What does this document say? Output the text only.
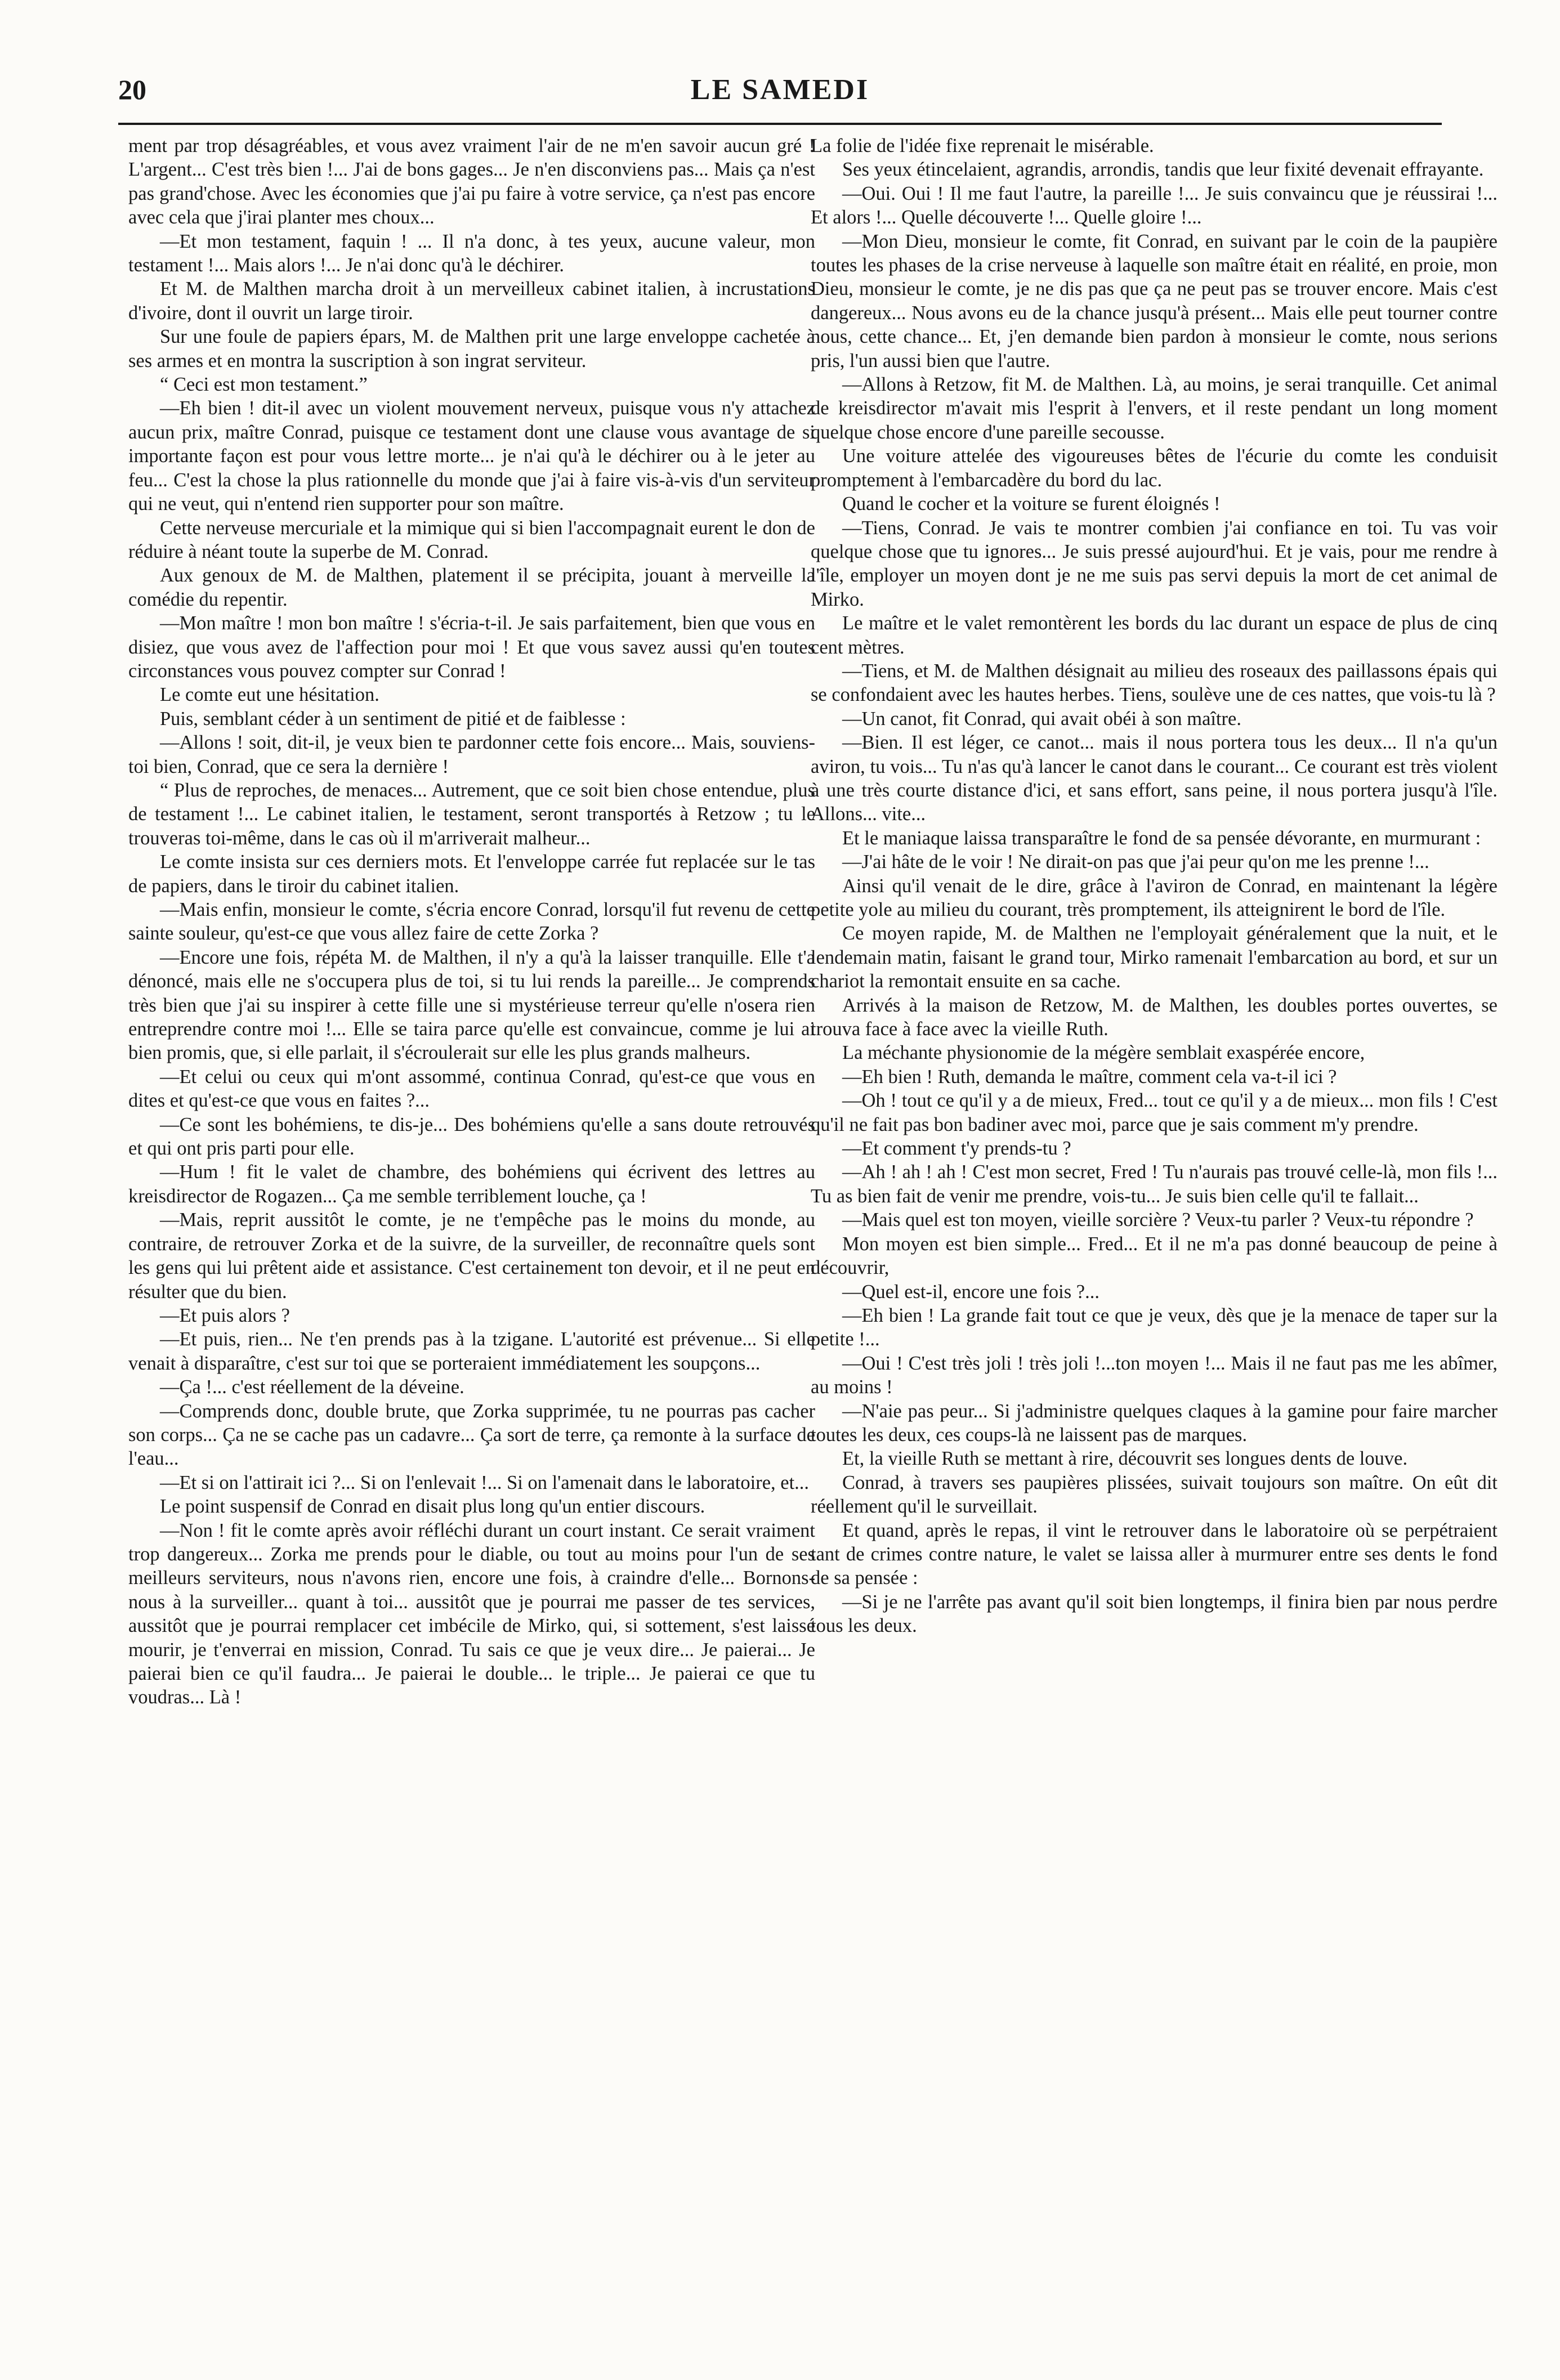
20	LE SAMEDI

ment par trop désagréables, et vous avez vraiment l'air de ne m'en savoir aucun gré ! L'argent... C'est très bien !... J'ai de bons gages... Je n'en disconviens pas... Mais ça n'est pas grand'chose. Avec les économies que j'ai pu faire à votre service, ça n'est pas encore avec cela que j'irai planter mes choux...

—Et mon testament, faquin ! ... Il n'a donc, à tes yeux, aucune valeur, mon testament !... Mais alors !... Je n'ai donc qu'à le déchirer.

Et M. de Malthen marcha droit à un merveilleux cabinet italien, à incrustations d'ivoire, dont il ouvrit un large tiroir.

Sur une foule de papiers épars, M. de Malthen prit une large enveloppe cachetée à ses armes et en montra la suscription à son ingrat serviteur.

“ Ceci est mon testament.”

—Eh bien ! dit-il avec un violent mouvement nerveux, puisque vous n'y attachez aucun prix, maître Conrad, puisque ce testament dont une clause vous avantage de si importante façon est pour vous lettre morte... je n'ai qu'à le déchirer ou à le jeter au feu... C'est la chose la plus rationnelle du monde que j'ai à faire vis-à-vis d'un serviteur qui ne veut, qui n'entend rien supporter pour son maître.

Cette nerveuse mercuriale et la mimique qui si bien l'accompagnait eurent le don de réduire à néant toute la superbe de M. Conrad.

Aux genoux de M. de Malthen, platement il se précipita, jouant à merveille la comédie du repentir.

—Mon maître ! mon bon maître ! s'écria-t-il. Je sais parfaitement, bien que vous en disiez, que vous avez de l'affection pour moi ! Et que vous savez aussi qu'en toutes circonstances vous pouvez compter sur Conrad !

Le comte eut une hésitation.

Puis, semblant céder à un sentiment de pitié et de faiblesse :

—Allons ! soit, dit-il, je veux bien te pardonner cette fois encore... Mais, souviens-toi bien, Conrad, que ce sera la dernière !

“ Plus de reproches, de menaces... Autrement, que ce soit bien chose entendue, plus de testament !... Le cabinet italien, le testament, seront transportés à Retzow ; tu le trouveras toi-même, dans le cas où il m'arriverait malheur...

Le comte insista sur ces derniers mots. Et l'enveloppe carrée fut replacée sur le tas de papiers, dans le tiroir du cabinet italien.

—Mais enfin, monsieur le comte, s'écria encore Conrad, lorsqu'il fut revenu de cette sainte souleur, qu'est-ce que vous allez faire de cette Zorka ?

—Encore une fois, répéta M. de Malthen, il n'y a qu'à la laisser tranquille. Elle t'a dénoncé, mais elle ne s'occupera plus de toi, si tu lui rends la pareille... Je comprends très bien que j'ai su inspirer à cette fille une si mystérieuse terreur qu'elle n'osera rien entreprendre contre moi !... Elle se taira parce qu'elle est convaincue, comme je lui ai bien promis, que, si elle parlait, il s'écroulerait sur elle les plus grands malheurs.

—Et celui ou ceux qui m'ont assommé, continua Conrad, qu'est-ce que vous en dites et qu'est-ce que vous en faites ?...

—Ce sont les bohémiens, te dis-je... Des bohémiens qu'elle a sans doute retrouvés et qui ont pris parti pour elle.

—Hum ! fit le valet de chambre, des bohémiens qui écrivent des lettres au kreisdirector de Rogazen... Ça me semble terriblement louche, ça !

—Mais, reprit aussitôt le comte, je ne t'empêche pas le moins du monde, au contraire, de retrouver Zorka et de la suivre, de la surveiller, de reconnaître quels sont les gens qui lui prêtent aide et assistance. C'est certainement ton devoir, et il ne peut en résulter que du bien.

—Et puis alors ?

—Et puis, rien... Ne t'en prends pas à la tzigane. L'autorité est prévenue... Si elle venait à disparaître, c'est sur toi que se porteraient immédiatement les soupçons...

—Ça !... c'est réellement de la déveine.

—Comprends donc, double brute, que Zorka supprimée, tu ne pourras pas cacher son corps... Ça ne se cache pas un cadavre... Ça sort de terre, ça remonte à la surface de l'eau...

—Et si on l'attirait ici ?... Si on l'enlevait !... Si on l'amenait dans le laboratoire, et...

Le point suspensif de Conrad en disait plus long qu'un entier discours.

—Non ! fit le comte après avoir réfléchi durant un court instant. Ce serait vraiment trop dangereux... Zorka me prends pour le diable, ou tout au moins pour l'un de ses meilleurs serviteurs, nous n'avons rien, encore une fois, à craindre d'elle... Bornons-nous à la surveiller... quant à toi... aussitôt que je pourrai me passer de tes services, aussitôt que je pourrai remplacer cet imbécile de Mirko, qui, si sottement, s'est laissé mourir, je t'enverrai en mission, Conrad. Tu sais ce que je veux dire... Je paierai... Je paierai bien ce qu'il faudra... Je paierai le double... le triple... Je paierai ce que tu voudras... Là !

La folie de l'idée fixe reprenait le misérable.

Ses yeux étincelaient, agrandis, arrondis, tandis que leur fixité devenait effrayante.

—Oui. Oui ! Il me faut l'autre, la pareille !... Je suis convaincu que je réussirai !... Et alors !... Quelle découverte !... Quelle gloire !...

—Mon Dieu, monsieur le comte, fit Conrad, en suivant par le coin de la paupière toutes les phases de la crise nerveuse à laquelle son maître était en réalité, en proie, mon Dieu, monsieur le comte, je ne dis pas que ça ne peut pas se trouver encore. Mais c'est dangereux... Nous avons eu de la chance jusqu'à présent... Mais elle peut tourner contre nous, cette chance... Et, j'en demande bien pardon à monsieur le comte, nous serions pris, l'un aussi bien que l'autre.

—Allons à Retzow, fit M. de Malthen. Là, au moins, je serai tranquille. Cet animal de kreisdirector m'avait mis l'esprit à l'envers, et il reste pendant un long moment quelque chose encore d'une pareille secousse.

Une voiture attelée des vigoureuses bêtes de l'écurie du comte les conduisit promptement à l'embarcadère du bord du lac.

Quand le cocher et la voiture se furent éloignés !

—Tiens, Conrad. Je vais te montrer combien j'ai confiance en toi. Tu vas voir quelque chose que tu ignores... Je suis pressé aujourd'hui. Et je vais, pour me rendre à l'île, employer un moyen dont je ne me suis pas servi depuis la mort de cet animal de Mirko.

Le maître et le valet remontèrent les bords du lac durant un espace de plus de cinq cent mètres.

—Tiens, et M. de Malthen désignait au milieu des roseaux des paillassons épais qui se confondaient avec les hautes herbes. Tiens, soulève une de ces nattes, que vois-tu là ?

—Un canot, fit Conrad, qui avait obéi à son maître.

—Bien. Il est léger, ce canot... mais il nous portera tous les deux... Il n'a qu'un aviron, tu vois... Tu n'as qu'à lancer le canot dans le courant... Ce courant est très violent à une très courte distance d'ici, et sans effort, sans peine, il nous portera jusqu'à l'île. Allons... vite...

Et le maniaque laissa transparaître le fond de sa pensée dévorante, en murmurant :

—J'ai hâte de le voir ! Ne dirait-on pas que j'ai peur qu'on me les prenne !...

Ainsi qu'il venait de le dire, grâce à l'aviron de Conrad, en maintenant la légère petite yole au milieu du courant, très promptement, ils atteignirent le bord de l'île.

Ce moyen rapide, M. de Malthen ne l'employait généralement que la nuit, et le lendemain matin, faisant le grand tour, Mirko ramenait l'embarcation au bord, et sur un chariot la remontait ensuite en sa cache.

Arrivés à la maison de Retzow, M. de Malthen, les doubles portes ouvertes, se trouva face à face avec la vieille Ruth.

La méchante physionomie de la mégère semblait exaspérée encore,

—Eh bien ! Ruth, demanda le maître, comment cela va-t-il ici ?

—Oh ! tout ce qu'il y a de mieux, Fred... tout ce qu'il y a de mieux... mon fils ! C'est qu'il ne fait pas bon badiner avec moi, parce que je sais comment m'y prendre.

—Et comment t'y prends-tu ?

—Ah ! ah ! ah ! C'est mon secret, Fred ! Tu n'aurais pas trouvé celle-là, mon fils !... Tu as bien fait de venir me prendre, vois-tu... Je suis bien celle qu'il te fallait...

—Mais quel est ton moyen, vieille sorcière ? Veux-tu parler ? Veux-tu répondre ?

Mon moyen est bien simple... Fred... Et il ne m'a pas donné beaucoup de peine à découvrir,

—Quel est-il, encore une fois ?...

—Eh bien ! La grande fait tout ce que je veux, dès que je la menace de taper sur la petite !...

—Oui ! C'est très joli ! très joli !...ton moyen !... Mais il ne faut pas me les abîmer, au moins !

—N'aie pas peur... Si j'administre quelques claques à la gamine pour faire marcher toutes les deux, ces coups-là ne laissent pas de marques.

Et, la vieille Ruth se mettant à rire, découvrit ses longues dents de louve.

Conrad, à travers ses paupières plissées, suivait toujours son maître. On eût dit réellement qu'il le surveillait.

Et quand, après le repas, il vint le retrouver dans le laboratoire où se perpétraient tant de crimes contre nature, le valet se laissa aller à murmurer entre ses dents le fond de sa pensée :

—Si je ne l'arrête pas avant qu'il soit bien longtemps, il finira bien par nous perdre tous les deux.
